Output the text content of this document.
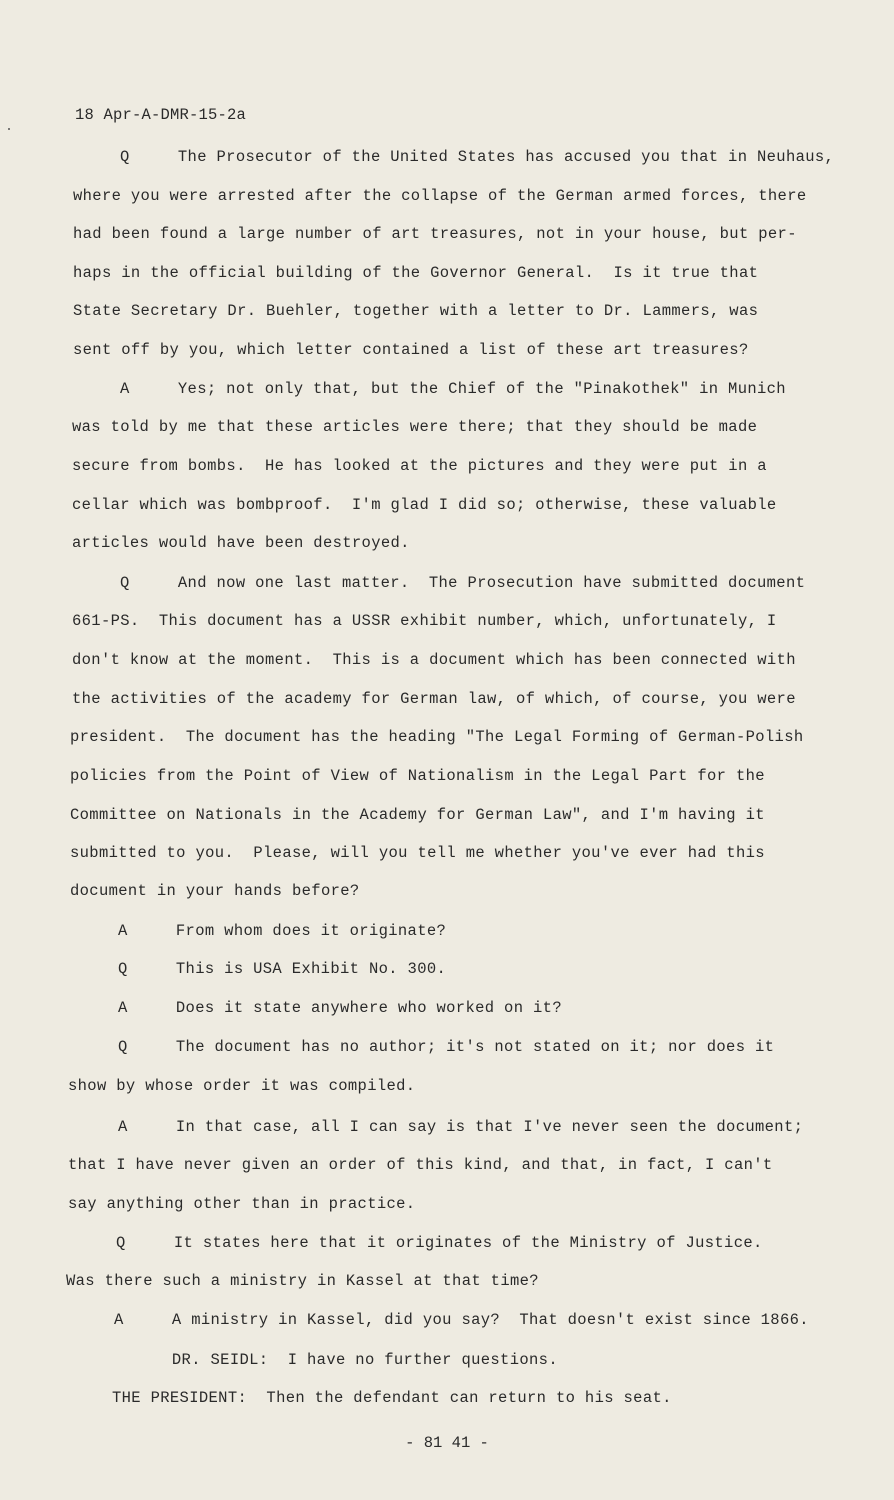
18 Apr-A-DMR-15-2a
Q     The Prosecutor of the United States has accused you that in Neuhaus,
where you were arrested after the collapse of the German armed forces, there
had been found a large number of art treasures, not in your house, but per-
haps in the official building of the Governor General.  Is it true that
State Secretary Dr. Buehler, together with a letter to Dr. Lammers, was
sent off by you, which letter contained a list of these art treasures?
A     Yes; not only that, but the Chief of the "Pinakothek" in Munich
was told by me that these articles were there; that they should be made
secure from bombs.  He has looked at the pictures and they were put in a
cellar which was bombproof.  I'm glad I did so; otherwise, these valuable
articles would have been destroyed.
Q     And now one last matter.  The Prosecution have submitted document
661-PS.  This document has a USSR exhibit number, which, unfortunately, I
don't know at the moment.  This is a document which has been connected with
the activities of the academy for German law, of which, of course, you were
president.  The document has the heading "The Legal Forming of German-Polish
policies from the Point of View of Nationalism in the Legal Part for the
Committee on Nationals in the Academy for German Law", and I'm having it
submitted to you.  Please, will you tell me whether you've ever had this
document in your hands before?
A     From whom does it originate?
Q     This is USA Exhibit No. 300.
A     Does it state anywhere who worked on it?
Q     The document has no author; it's not stated on it; nor does it
show by whose order it was compiled.
A     In that case, all I can say is that I've never seen the document;
that I have never given an order of this kind, and that, in fact, I can't
say anything other than in practice.
Q     It states here that it originates of the Ministry of Justice.
Was there such a ministry in Kassel at that time?
A     A ministry in Kassel, did you say?  That doesn't exist since 1866.
DR. SEIDL:  I have no further questions.
THE PRESIDENT:  Then the defendant can return to his seat.
- 81 41 -
